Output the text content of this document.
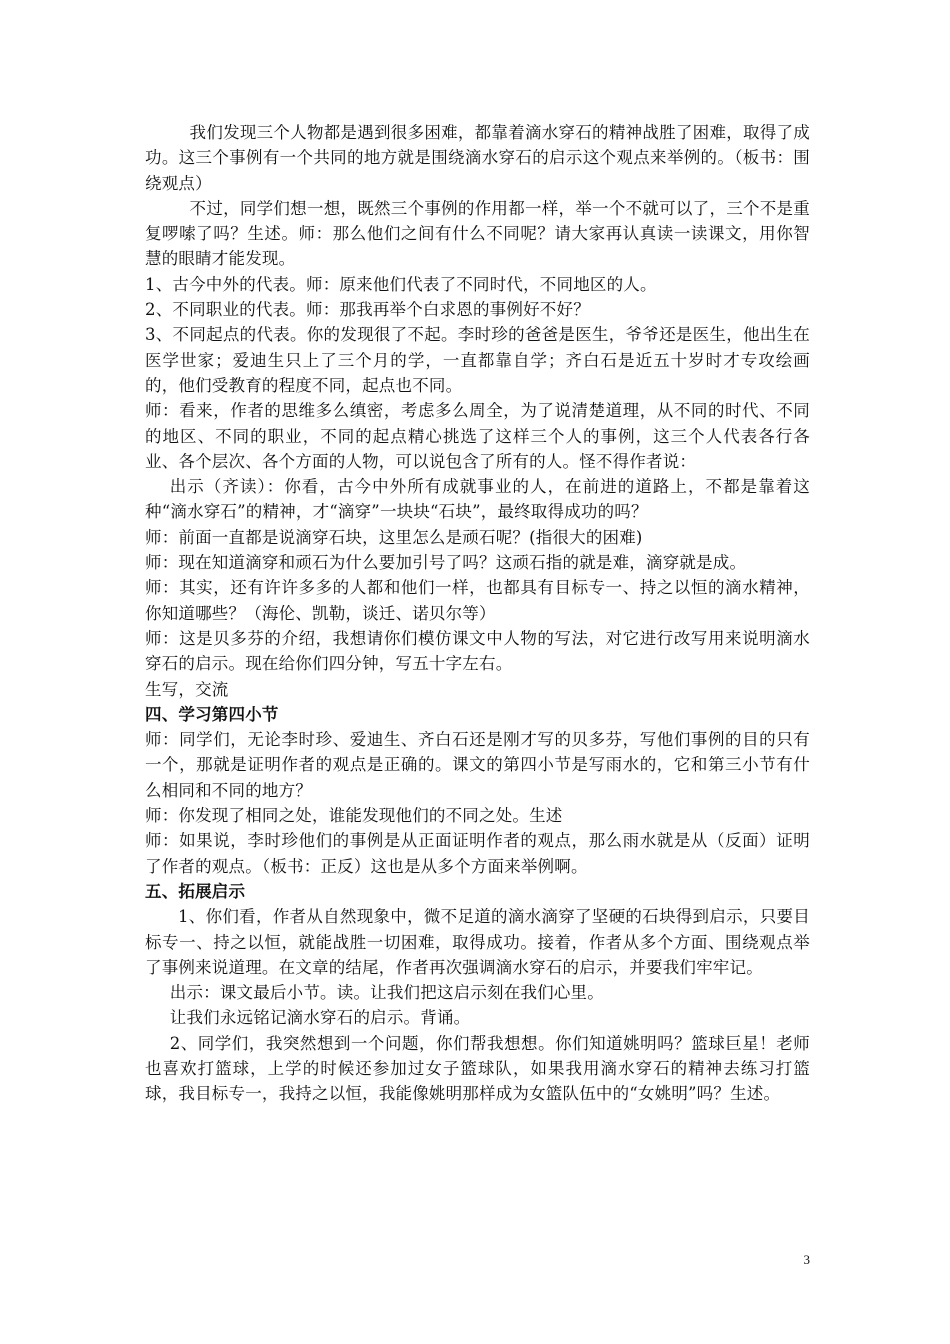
我们发现三个人物都是遇到很多困难，都靠着滴水穿石的精神战胜了困难，取得了成功。这三个事例有一个共同的地方就是围绕滴水穿石的启示这个观点来举例的。（板书：围绕观点）

不过，同学们想一想，既然三个事例的作用都一样，举一个不就可以了，三个不是重复啰嗦了吗？生述。师：那么他们之间有什么不同呢？请大家再认真读一读课文，用你智慧的眼睛才能发现。

1、古今中外的代表。师：原来他们代表了不同时代，不同地区的人。

2、不同职业的代表。师：那我再举个白求恩的事例好不好？

3、不同起点的代表。你的发现很了不起。李时珍的爸爸是医生，爷爷还是医生，他出生在医学世家；爱迪生只上了三个月的学，一直都靠自学；齐白石是近五十岁时才专攻绘画的，他们受教育的程度不同，起点也不同。

师：看来，作者的思维多么缜密，考虑多么周全，为了说清楚道理，从不同的时代、不同的地区、不同的职业，不同的起点精心挑选了这样三个人的事例，这三个人代表各行各业、各个层次、各个方面的人物，可以说包含了所有的人。怪不得作者说：

出示（齐读）：你看，古今中外所有成就事业的人，在前进的道路上，不都是靠着这种“滴水穿石”的精神，才“滴穿”一块块“石块”，最终取得成功的吗？

师：前面一直都是说滴穿石块，这里怎么是顽石呢？(指很大的困难)

师：现在知道滴穿和顽石为什么要加引号了吗？这顽石指的就是难，滴穿就是成。

师：其实，还有许许多多的人都和他们一样，也都具有目标专一、持之以恒的滴水精神，你知道哪些？（海伦、凯勒，谈迁、诺贝尔等）

师：这是贝多芬的介绍，我想请你们模仿课文中人物的写法，对它进行改写用来说明滴水穿石的启示。现在给你们四分钟，写五十字左右。

生写，交流

四、学习第四小节

师：同学们，无论李时珍、爱迪生、齐白石还是刚才写的贝多芬，写他们事例的目的只有一个，那就是证明作者的观点是正确的。课文的第四小节是写雨水的，它和第三小节有什么相同和不同的地方？

师：你发现了相同之处，谁能发现他们的不同之处。生述

师：如果说，李时珍他们的事例是从正面证明作者的观点，那么雨水就是从（反面）证明了作者的观点。（板书：正反）这也是从多个方面来举例啊。

五、拓展启示

1、你们看，作者从自然现象中，微不足道的滴水滴穿了坚硬的石块得到启示，只要目标专一、持之以恒，就能战胜一切困难，取得成功。接着，作者从多个方面、围绕观点举了事例来说道理。在文章的结尾，作者再次强调滴水穿石的启示，并要我们牢牢记。

出示：课文最后小节。读。让我们把这启示刻在我们心里。

让我们永远铭记滴水穿石的启示。背诵。

2、同学们，我突然想到一个问题，你们帮我想想。你们知道姚明吗？篮球巨星！老师也喜欢打篮球，上学的时候还参加过女子篮球队，如果我用滴水穿石的精神去练习打篮球，我目标专一，我持之以恒，我能像姚明那样成为女篮队伍中的“女姚明”吗？生述。

3
